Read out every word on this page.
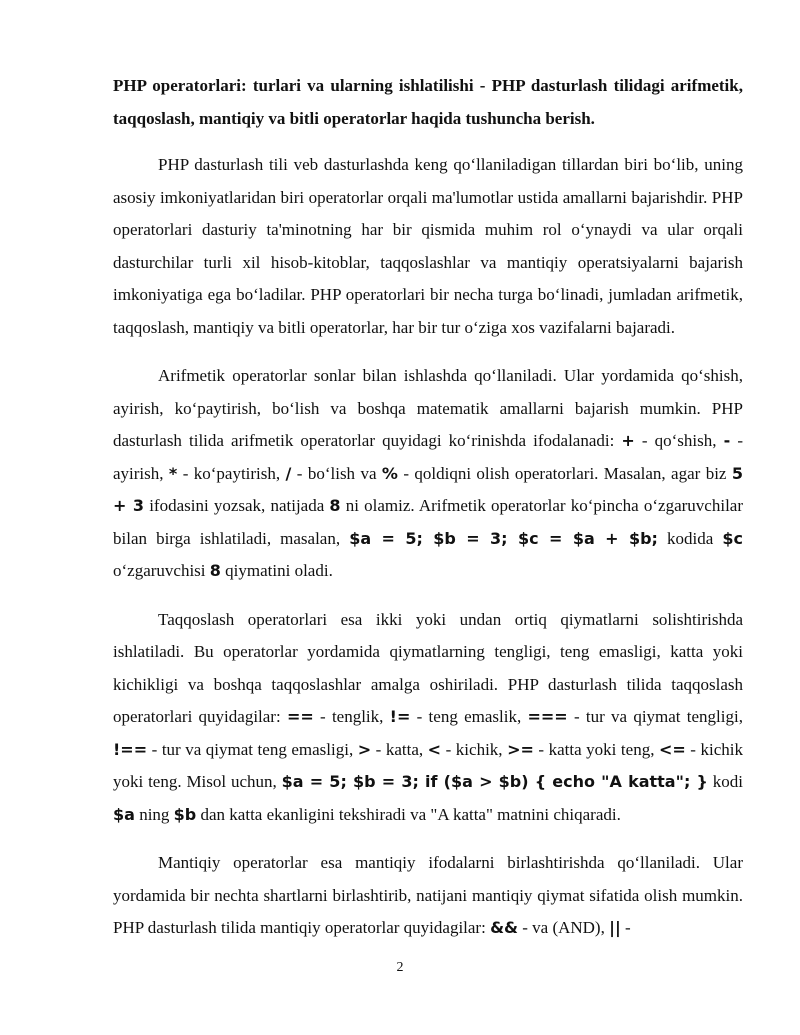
PHP operatorlari: turlari va ularning ishlatilishi - PHP dasturlash tilidagi arifmetik, taqqoslash, mantiqiy va bitli operatorlar haqida tushuncha berish.

PHP dasturlash tili veb dasturlashda keng qo‘llaniladigan tillardan biri bo‘lib, uning asosiy imkoniyatlaridan biri operatorlar orqali ma'lumotlar ustida amallarni bajarishdir. PHP operatorlari dasturiy ta'minotning har bir qismida muhim rol o‘ynaydi va ular orqali dasturchilar turli xil hisob-kitoblar, taqqoslashlar va mantiqiy operatsiyalarni bajarish imkoniyatiga ega bo‘ladilar. PHP operatorlari bir necha turga bo‘linadi, jumladan arifmetik, taqqoslash, mantiqiy va bitli operatorlar, har bir tur o‘ziga xos vazifalarni bajaradi.

Arifmetik operatorlar sonlar bilan ishlashda qo‘llaniladi. Ular yordamida qo‘shish, ayirish, ko‘paytirish, bo‘lish va boshqa matematik amallarni bajarish mumkin. PHP dasturlash tilida arifmetik operatorlar quyidagi ko‘rinishda ifodalanadi: + - qo‘shish, - - ayirish, * - ko‘paytirish, / - bo‘lish va % - qoldiqni olish operatorlari. Masalan, agar biz 5 + 3 ifodasini yozsak, natijada 8 ni olamiz. Arifmetik operatorlar ko‘pincha o‘zgaruvchilar bilan birga ishlatiladi, masalan, $a = 5; $b = 3; $c = $a + $b; kodida $c o‘zgaruvchisi 8 qiymatini oladi.

Taqqoslash operatorlari esa ikki yoki undan ortiq qiymatlarni solishtirishda ishlatiladi. Bu operatorlar yordamida qiymatlarning tengligi, teng emasligi, katta yoki kichikligi va boshqa taqqoslashlar amalga oshiriladi. PHP dasturlash tilida taqqoslash operatorlari quyidagilar: == - tenglik, != - teng emaslik, === - tur va qiymat tengligi, !== - tur va qiymat teng emasligi, > - katta, < - kichik, >= - katta yoki teng, <= - kichik yoki teng. Misol uchun, $a = 5; $b = 3; if ($a > $b) { echo "A katta"; } kodi $a ning $b dan katta ekanligini tekshiradi va "A katta" matnini chiqaradi.

Mantiqiy operatorlar esa mantiqiy ifodalarni birlashtirishda qo‘llaniladi. Ular yordamida bir nechta shartlarni birlashtirib, natijani mantiqiy qiymat sifatida olish mumkin. PHP dasturlash tilida mantiqiy operatorlar quyidagilar: && - va (AND), || -

2
